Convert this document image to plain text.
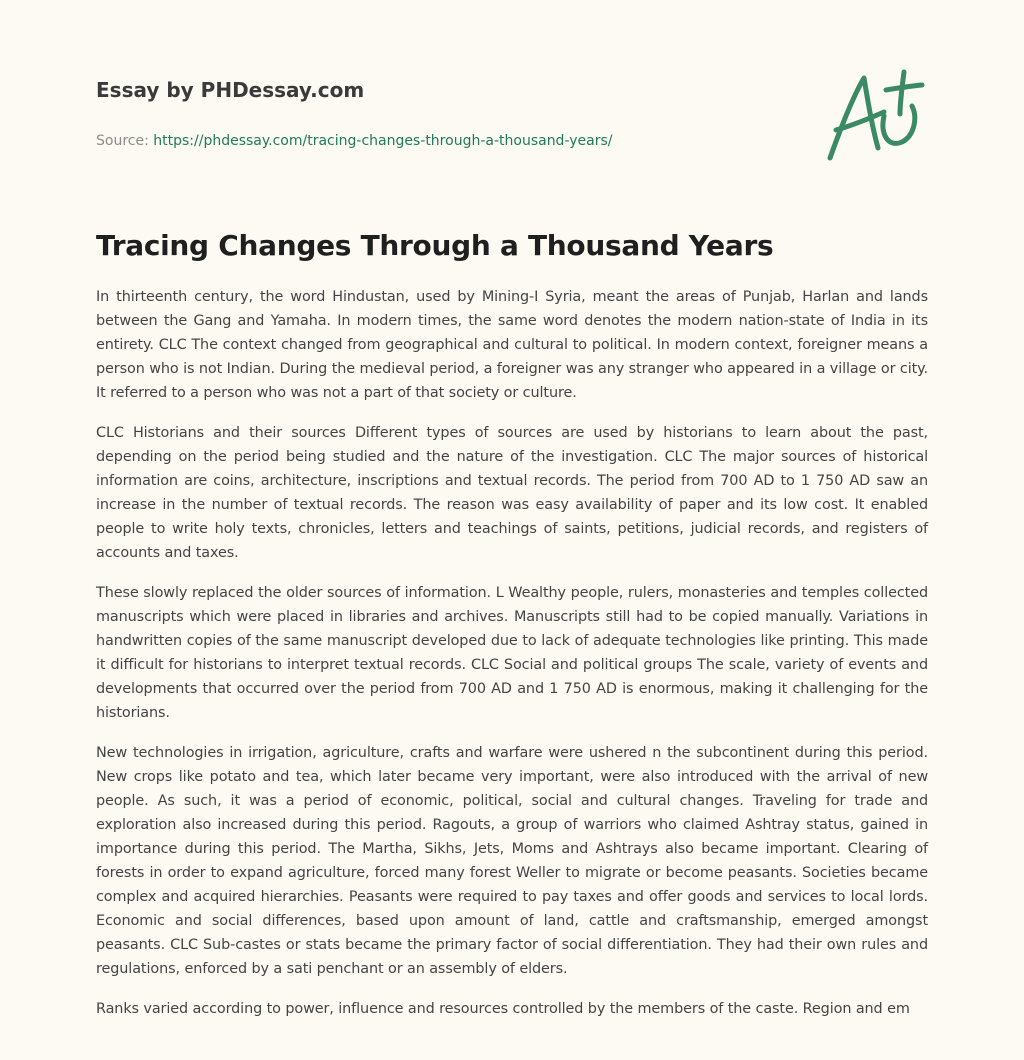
Essay by PHDessay.com
Source: https://phdessay.com/tracing-changes-through-a-thousand-years/
Tracing Changes Through a Thousand Years

In thirteenth century, the word Hindustan, used by Mining-I Syria, meant the areas of Punjab, Harlan and lands between the Gang and Yamaha. In modern times, the same word denotes the modern nation-state of India in its entirety. CLC The context changed from geographical and cultural to political. In modern context, foreigner means a person who is not Indian. During the medieval period, a foreigner was any stranger who appeared in a village or city. It referred to a person who was not a part of that society or culture.

CLC Historians and their sources Different types of sources are used by historians to learn about the past, depending on the period being studied and the nature of the investigation. CLC The major sources of historical information are coins, architecture, inscriptions and textual records. The period from 700 AD to 1 750 AD saw an increase in the number of textual records. The reason was easy availability of paper and its low cost. It enabled people to write holy texts, chronicles, letters and teachings of saints, petitions, judicial records, and registers of accounts and taxes.

These slowly replaced the older sources of information. L Wealthy people, rulers, monasteries and temples collected manuscripts which were placed in libraries and archives. Manuscripts still had to be copied manually. Variations in handwritten copies of the same manuscript developed due to lack of adequate technologies like printing. This made it difficult for historians to interpret textual records. CLC Social and political groups The scale, variety of events and developments that occurred over the period from 700 AD and 1 750 AD is enormous, making it challenging for the historians.

New technologies in irrigation, agriculture, crafts and warfare were ushered n the subcontinent during this period. New crops like potato and tea, which later became very important, were also introduced with the arrival of new people. As such, it was a period of economic, political, social and cultural changes. Traveling for trade and exploration also increased during this period. Ragouts, a group of warriors who claimed Ashtray status, gained in importance during this period. The Martha, Sikhs, Jets, Moms and Ashtrays also became important. Clearing of forests in order to expand agriculture, forced many forest Weller to migrate or become peasants. Societies became complex and acquired hierarchies. Peasants were required to pay taxes and offer goods and services to local lords. Economic and social differences, based upon amount of land, cattle and craftsmanship, emerged amongst peasants. CLC Sub-castes or stats became the primary factor of social differentiation. They had their own rules and regulations, enforced by a sati penchant or an assembly of elders.

Ranks varied according to power, influence and resources controlled by the members of the caste. Region and em
